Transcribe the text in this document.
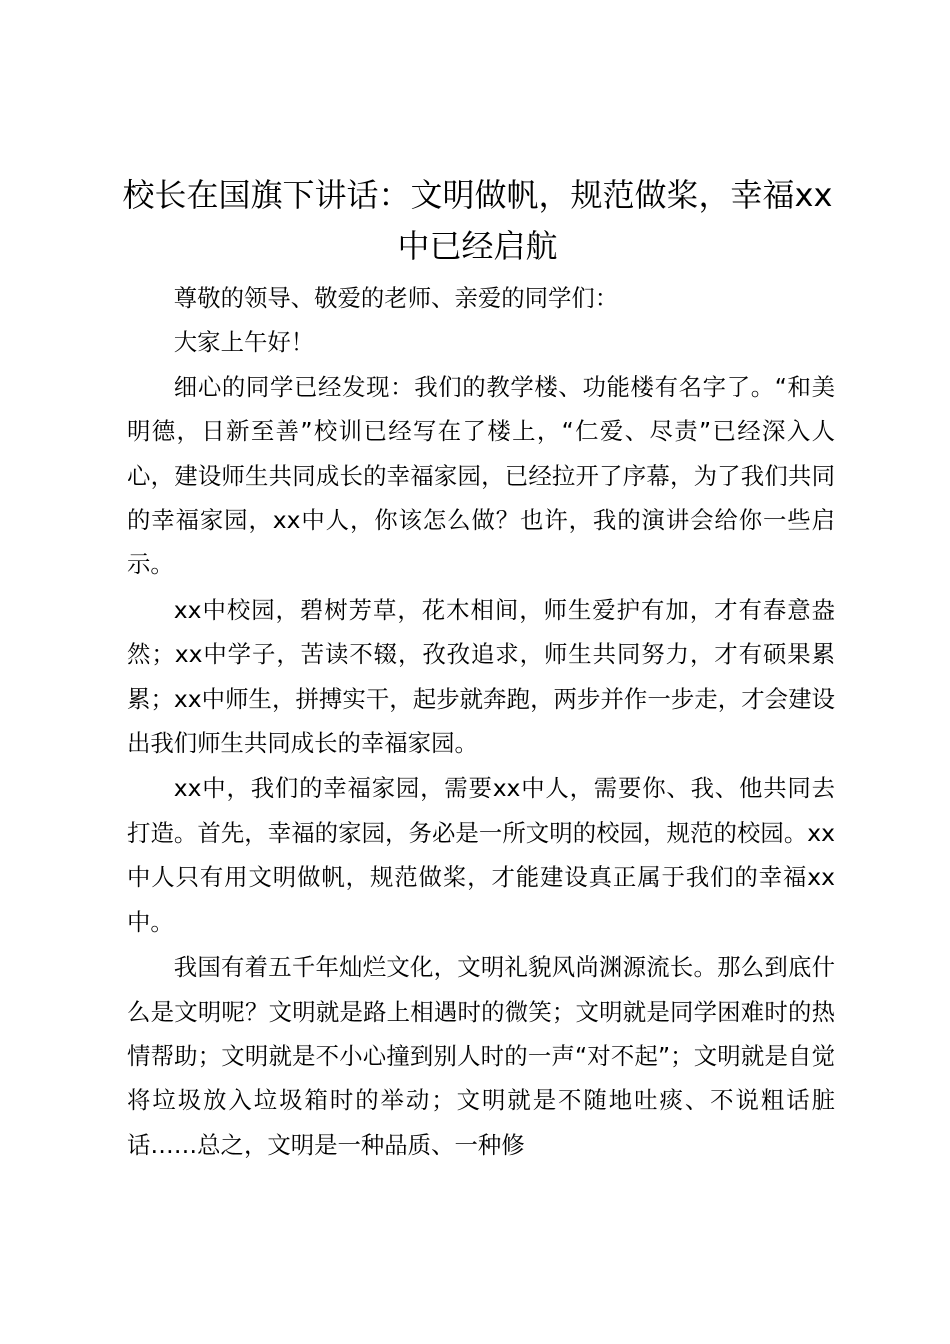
校长在国旗下讲话：文明做帆，规范做桨，幸福xx中已经启航

尊敬的领导、敬爱的老师、亲爱的同学们：

大家上午好！

细心的同学已经发现：我们的教学楼、功能楼有名字了。“和美明德，日新至善”校训已经写在了楼上，“仁爱、尽责”已经深入人心，建设师生共同成长的幸福家园，已经拉开了序幕，为了我们共同的幸福家园，xx中人，你该怎么做？也许，我的演讲会给你一些启示。

xx中校园，碧树芳草，花木相间，师生爱护有加，才有春意盎然；xx中学子，苦读不辍，孜孜追求，师生共同努力，才有硕果累累；xx中师生，拼搏实干，起步就奔跑，两步并作一步走，才会建设出我们师生共同成长的幸福家园。

xx中，我们的幸福家园，需要xx中人，需要你、我、他共同去打造。首先，幸福的家园，务必是一所文明的校园，规范的校园。xx中人只有用文明做帆，规范做桨，才能建设真正属于我们的幸福xx中。

我国有着五千年灿烂文化，文明礼貌风尚渊源流长。那么到底什么是文明呢？文明就是路上相遇时的微笑；文明就是同学困难时的热情帮助；文明就是不小心撞到别人时的一声“对不起”；文明就是自觉将垃圾放入垃圾箱时的举动；文明就是不随地吐痰、不说粗话脏话……总之，文明是一种品质、一种修
